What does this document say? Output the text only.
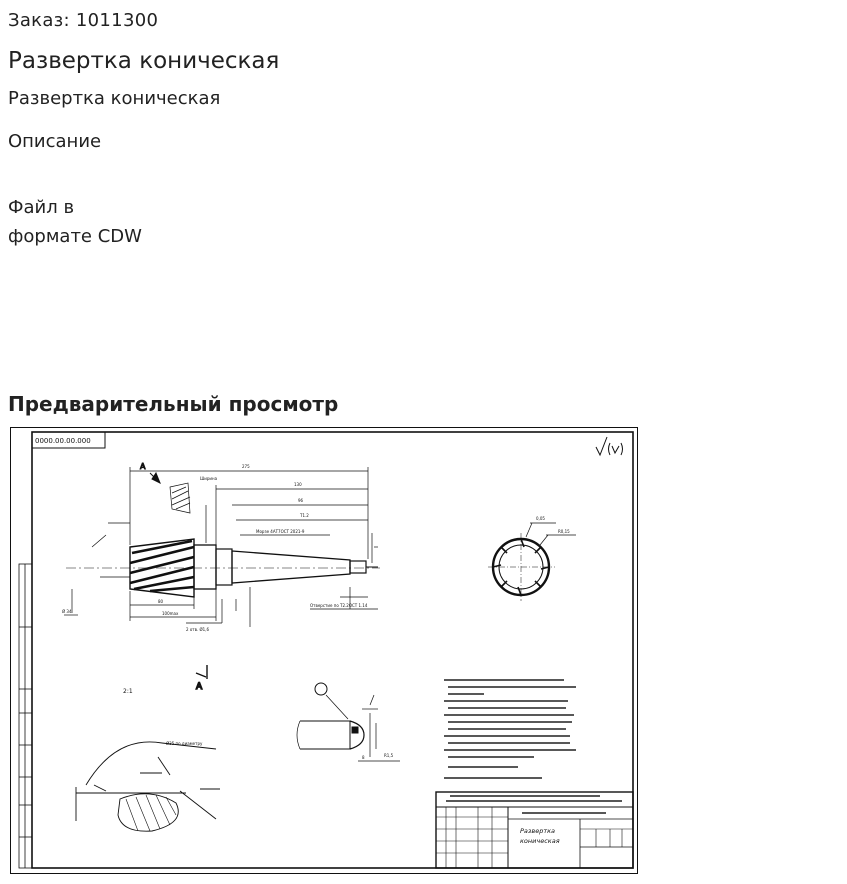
Заказ: 1011300
Развертка коническая
Развертка коническая
Описание
Файл в
формате CDW
Предварительный просмотр
0000.00.00.000
275
130
96
Т1.2
Морзе 4АТ7ОСТ 2021-9
80
100max
Отверстие по Т2.2ОСТ 1.14
Ø 34
2 отв. Ø1,6
Ширина
А
0,05
R0,15
2:1	А
R1,5
8
Ø35 по диаметру
Развертка
коническая
